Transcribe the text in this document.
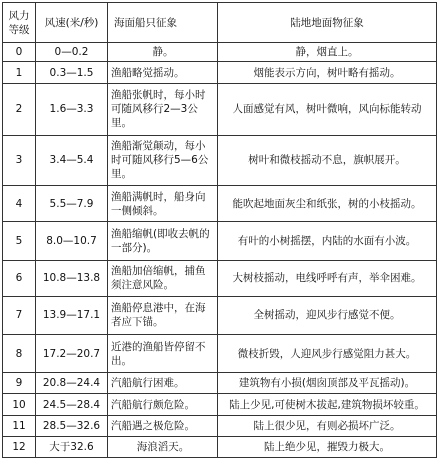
风力等级	风速(米/秒)	海面船只征象	陆地地面物征象
0	0—0.2	静。	静，烟直上。
1	0.3—1.5	渔船略觉摇动。	烟能表示方向，树叶略有摇动。
2	1.6—3.3	渔船张帆时，每小时可随风移行2—3公里。	人面感觉有风，树叶微响，风向标能转动
3	3.4—5.4	渔船渐觉颠动，每小时可随风移行5—6公里。	树叶和微枝摇动不息，旗帜展开。
4	5.5—7.9	渔船满帆时，船身向一侧倾斜。	能吹起地面灰尘和纸张，树的小枝摇动。
5	8.0—10.7	渔船缩帆(即收去帆的一部分)。	有叶的小树摇摆，内陆的水面有小波。
6	10.8—13.8	渔船加倍缩帆，捕鱼须注意风险。	大树枝摇动，电线呼呼有声，举伞困难。
7	13.9—17.1	渔船停息港中，在海者应下锚。	全树摇动，迎风步行感觉不便。
8	17.2—20.7	近港的渔船皆停留不出。	微枝折毁，人迎风步行感觉阻力甚大。
9	20.8—24.4	汽船航行困难。	建筑物有小损(烟囱顶部及平瓦摇动)。
10	24.5—28.4	汽船航行颇危险。	陆上少见,可使树木拔起,建筑物损坏较重。
11	28.5—32.6	汽船遇之极危险。	陆上很少见，有则必损坏广泛。
12	大于32.6	海浪滔天。	陆上绝少见，摧毁力极大。
